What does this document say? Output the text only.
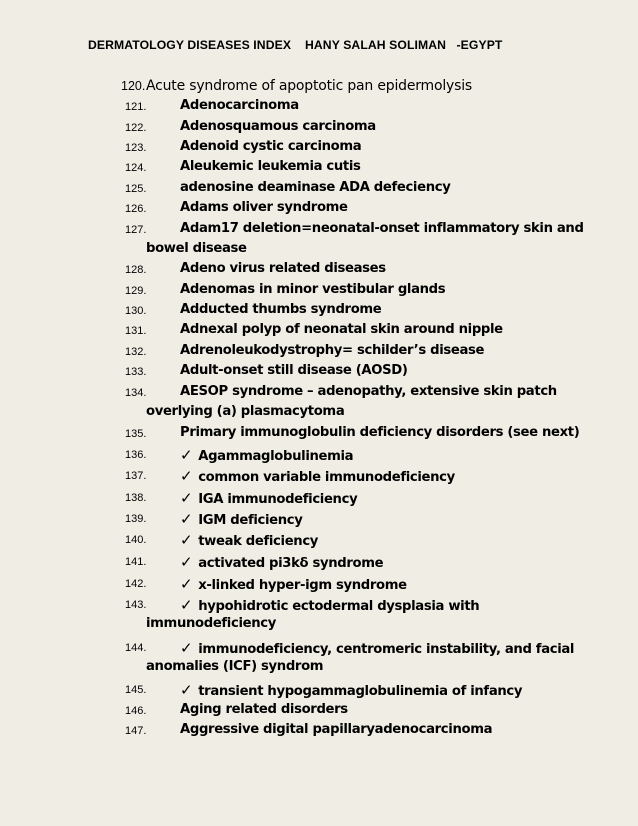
DERMATOLOGY DISEASES INDEX    HANY SALAH SOLIMAN   -EGYPT
120. Acute syndrome of apoptotic pan epidermolysis
121.	Adenocarcinoma
122.	Adenosquamous carcinoma
123.	Adenoid cystic carcinoma
124.	Aleukemic leukemia cutis
125.	adenosine deaminase ADA defeciency
126.	Adams oliver syndrome
127.	Adam17 deletion=neonatal-onset inflammatory skin and
bowel disease
128.	Adeno virus related diseases
129.	Adenomas in minor vestibular glands
130.	Adducted thumbs syndrome
131.	Adnexal polyp of neonatal skin around nipple
132.	Adrenoleukodystrophy= schilder’s disease
133.	Adult-onset still disease (AOSD)
134.	AESOP syndrome – adenopathy, extensive skin patch
overlying (a) plasmacytoma
135.	Primary immunoglobulin deficiency disorders (see next)
136.	✓ Agammaglobulinemia
137.	✓ common variable immunodeficiency
138.	✓ IGA immunodeficiency
139.	✓ IGM deficiency
140.	✓ tweak deficiency
141.	✓ activated pi3kδ syndrome
142.	✓ x-linked hyper-igm syndrome
143.	✓ hypohidrotic ectodermal dysplasia with
immunodeficiency
144.	✓ immunodeficiency, centromeric instability, and facial
anomalies (ICF) syndrom
145.	✓ transient hypogammaglobulinemia of infancy
146.	Aging related disorders
147.	Aggressive digital papillaryadenocarcinoma
